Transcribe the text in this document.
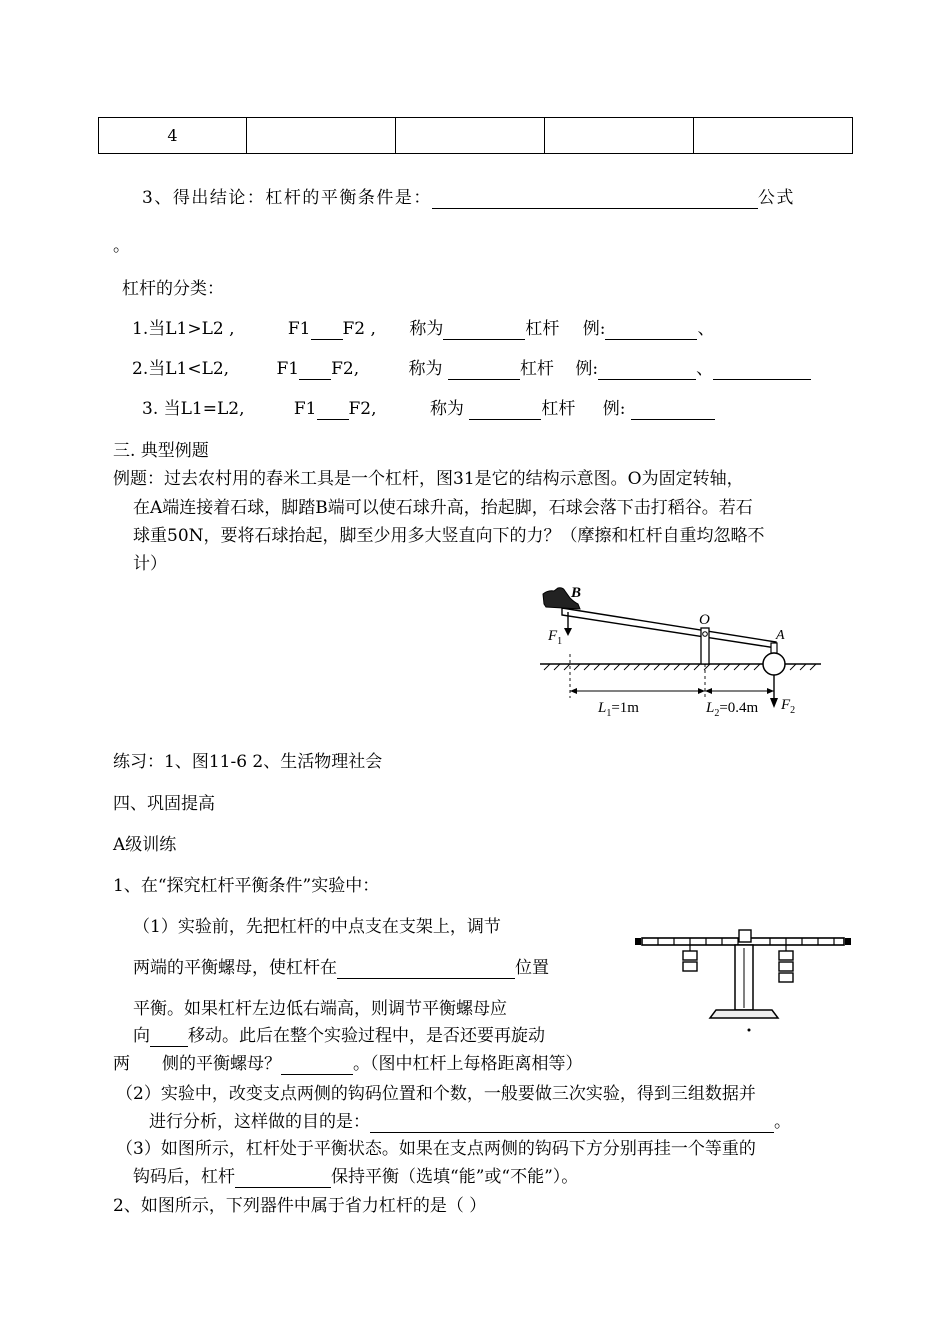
4				
3、得出结论：杠杆的平衡条件是：	公式
。
杠杆的分类：
1.当L1>L2 ,	F1 F2 , 称为	杠杆 例:	、
2.当L1<L2,	F1 F2,	称为	杠杆 例:	、
3. 当L1=L2,	F1 F2,	称为	杠杆 例:
三. 典型例题
例题：过去农村用的舂米工具是一个杠杆，图31是它的结构示意图。O为固定转轴，
在A端连接着石球，脚踏B端可以使石球升高，抬起脚，石球会落下击打稻谷。若石
球重50N，要将石球抬起，脚至少用多大竖直向下的力？（摩擦和杠杆自重均忽略不
计）
B
O
A
$F_1$
$F_2$
$L_1=1m$	$L_2=0.4m$
练习：1、图11-6 2、生活物理社会
四、巩固提高
A级训练
1、在“探究杠杆平衡条件”实验中：
（1）实验前，先把杠杆的中点支在支架上，调节
两端的平衡螺母，使杠杆在	位置
平衡。如果杠杆左边低右端高，则调节平衡螺母应
向 移动。此后在整个实验过程中，是否还要再旋动
两 侧的平衡螺母？	。（图中杠杆上每格距离相等）
（2）实验中，改变支点两侧的钩码位置和个数，一般要做三次实验，得到三组数据并
进行分析，这样做的目的是：	。
（3）如图所示，杠杆处于平衡状态。如果在支点两侧的钩码下方分别再挂一个等重的
钩码后，杠杆	保持平衡（选填“能”或“不能”）。
2、如图所示，下列器件中属于省力杠杆的是（ ）
